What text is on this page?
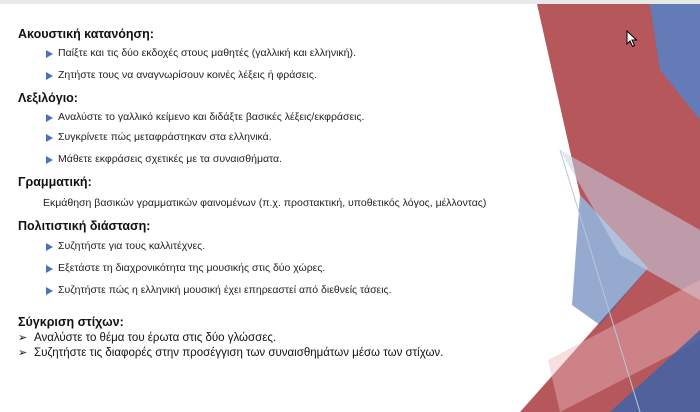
Ακουστική κατανόηση:

Παίξτε και τις δύο εκδοχές στους μαθητές (γαλλική και ελληνική).
Ζητήστε τους να αναγνωρίσουν κοινές λέξεις ή φράσεις.

Λεξιλόγιο:

Αναλύστε το γαλλικό κείμενο και διδάξτε βασικές λέξεις/εκφράσεις.
Συγκρίνετε πώς μεταφράστηκαν στα ελληνικά.
Μάθετε εκφράσεις σχετικές με τα συναισθήματα.

Γραμματική:

Εκμάθηση βασικών γραμματικών φαινομένων (π.χ. προστακτική, υποθετικός λόγος, μέλλοντας)

Πολιτιστική διάσταση:

Συζητήστε για τους καλλιτέχνες.
Εξετάστε τη διαχρονικότητα της μουσικής στις δύο χώρες.
Συζητήστε πώς η ελληνική μουσική έχει επηρεαστεί από διεθνείς τάσεις.

Σύγκριση στίχων:

➢ Αναλύστε το θέμα του έρωτα στις δύο γλώσσες.
➢ Συζητήστε τις διαφορές στην προσέγγιση των συναισθημάτων μέσω των στίχων.
